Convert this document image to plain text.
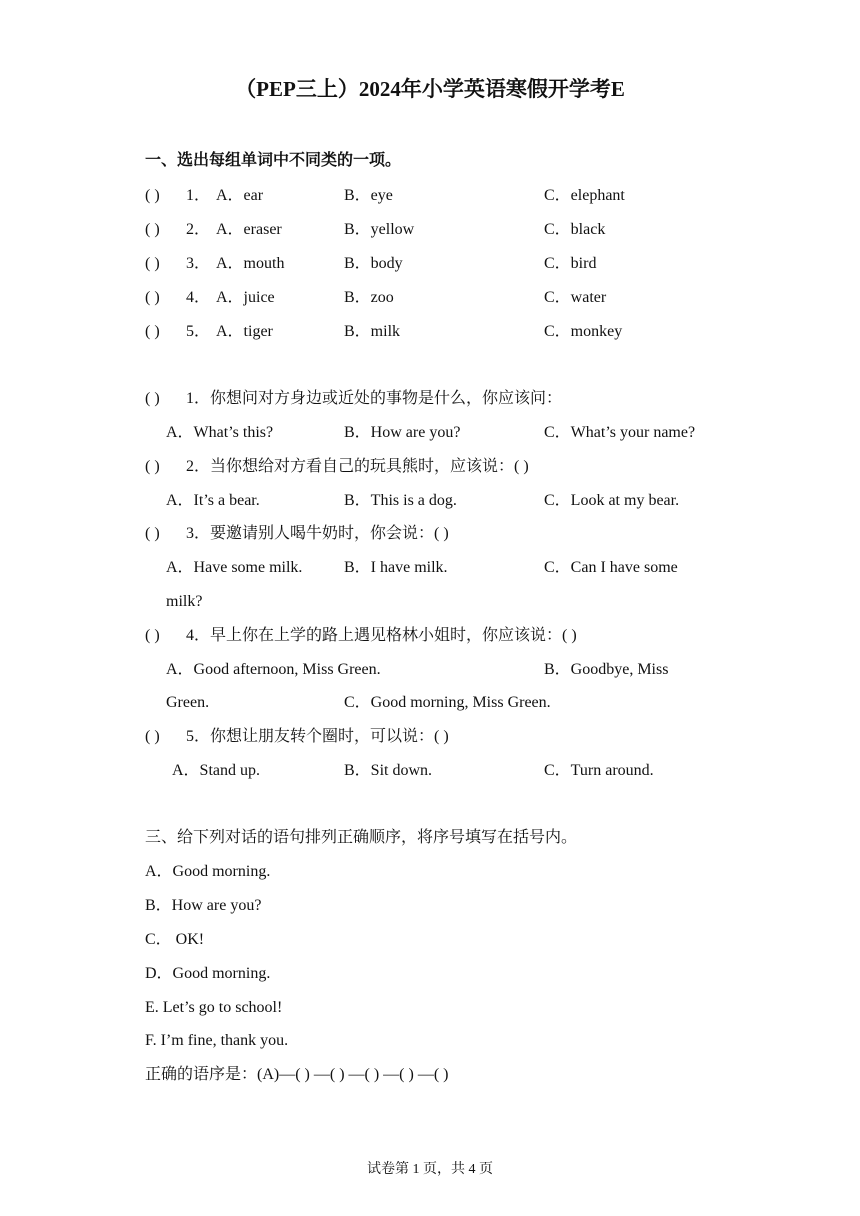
（PEP三上）2024年小学英语寒假开学考E
一、选出每组单词中不同类的一项。
( ) 1． A．ear	B．eye	C．elephant
( ) 2． A．eraser	B．yellow	C．black
( ) 3． A．mouth	B．body	C．bird
( ) 4． A．juice	B．zoo	C．water
( ) 5． A．tiger	B．milk	C．monkey
( ) 1．你想问对方身边或近处的事物是什么，你应该问：
A．What’s this?	B．How are you?	C．What’s your name?
( ) 2．当你想给对方看自己的玩具熊时，应该说：( )
A．It’s a bear.	B．This is a dog.	C．Look at my bear.
( ) 3．要邀请别人喝牛奶时，你会说：( )
A．Have some milk.	B．I have milk.	C．Can I have some
milk?
( ) 4．早上你在上学的路上遇见格林小姐时，你应该说：( )
A．Good afternoon, Miss Green.	B．Goodbye, Miss
Green.	C．Good morning, Miss Green.
( ) 5．你想让朋友转个圈时，可以说：( )
A．Stand up.	B．Sit down.	C．Turn around.
三、给下列对话的语句排列正确顺序，将序号填写在括号内。
A．Good morning.
B．How are you?
C． OK!
D．Good morning.
E. Let’s go to school!
F. I’m fine, thank you.
正确的语序是：(A)—( ) —( ) —( ) —( ) —( )
试卷第 1 页，共 4 页
